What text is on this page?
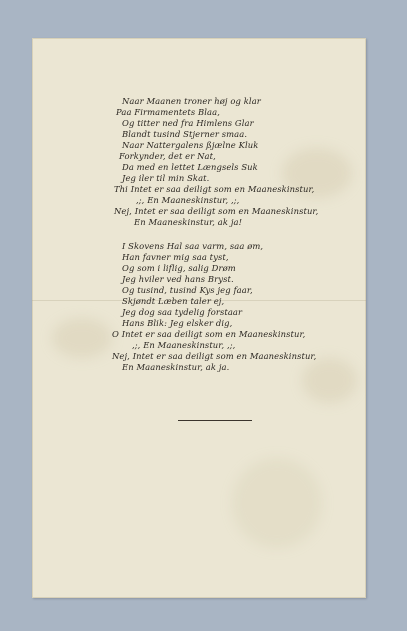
Naar Maanen troner høj og klar
Paa Firmamentets Blaa,
Og titter ned fra Himlens Glar
Blandt tusind Stjerner smaa.
Naar Nattergalens ßjælne Kluk
Forkynder, det er Nat,
Da med en lettet Længsels Suk
Jeg iler til min Skat.
Thi Intet er saa deiligt som en Maaneskinstur,
,;, En Maaneskinstur, ,;,
Nej, Intet er saa deiligt som en Maaneskinstur,
En Maaneskinstur, ak ja!
I Skovens Hal saa varm, saa øm,
Han favner mig saa tyst,
Og som i liflig, salig Drøm
Jeg hviler ved hans Bryst.
Og tusind, tusind Kys jeg faar,
Skjøndt Læben taler ej,
Jeg dog saa tydelig forstaar
Hans Blik: Jeg elsker dig,
O Intet er saa deiligt som en Maaneskinstur,
,;, En Maaneskinstur, ,;,
Nej, Intet er saa deiligt som en Maaneskinstur,
En Maaneskinstur, ak ja.
